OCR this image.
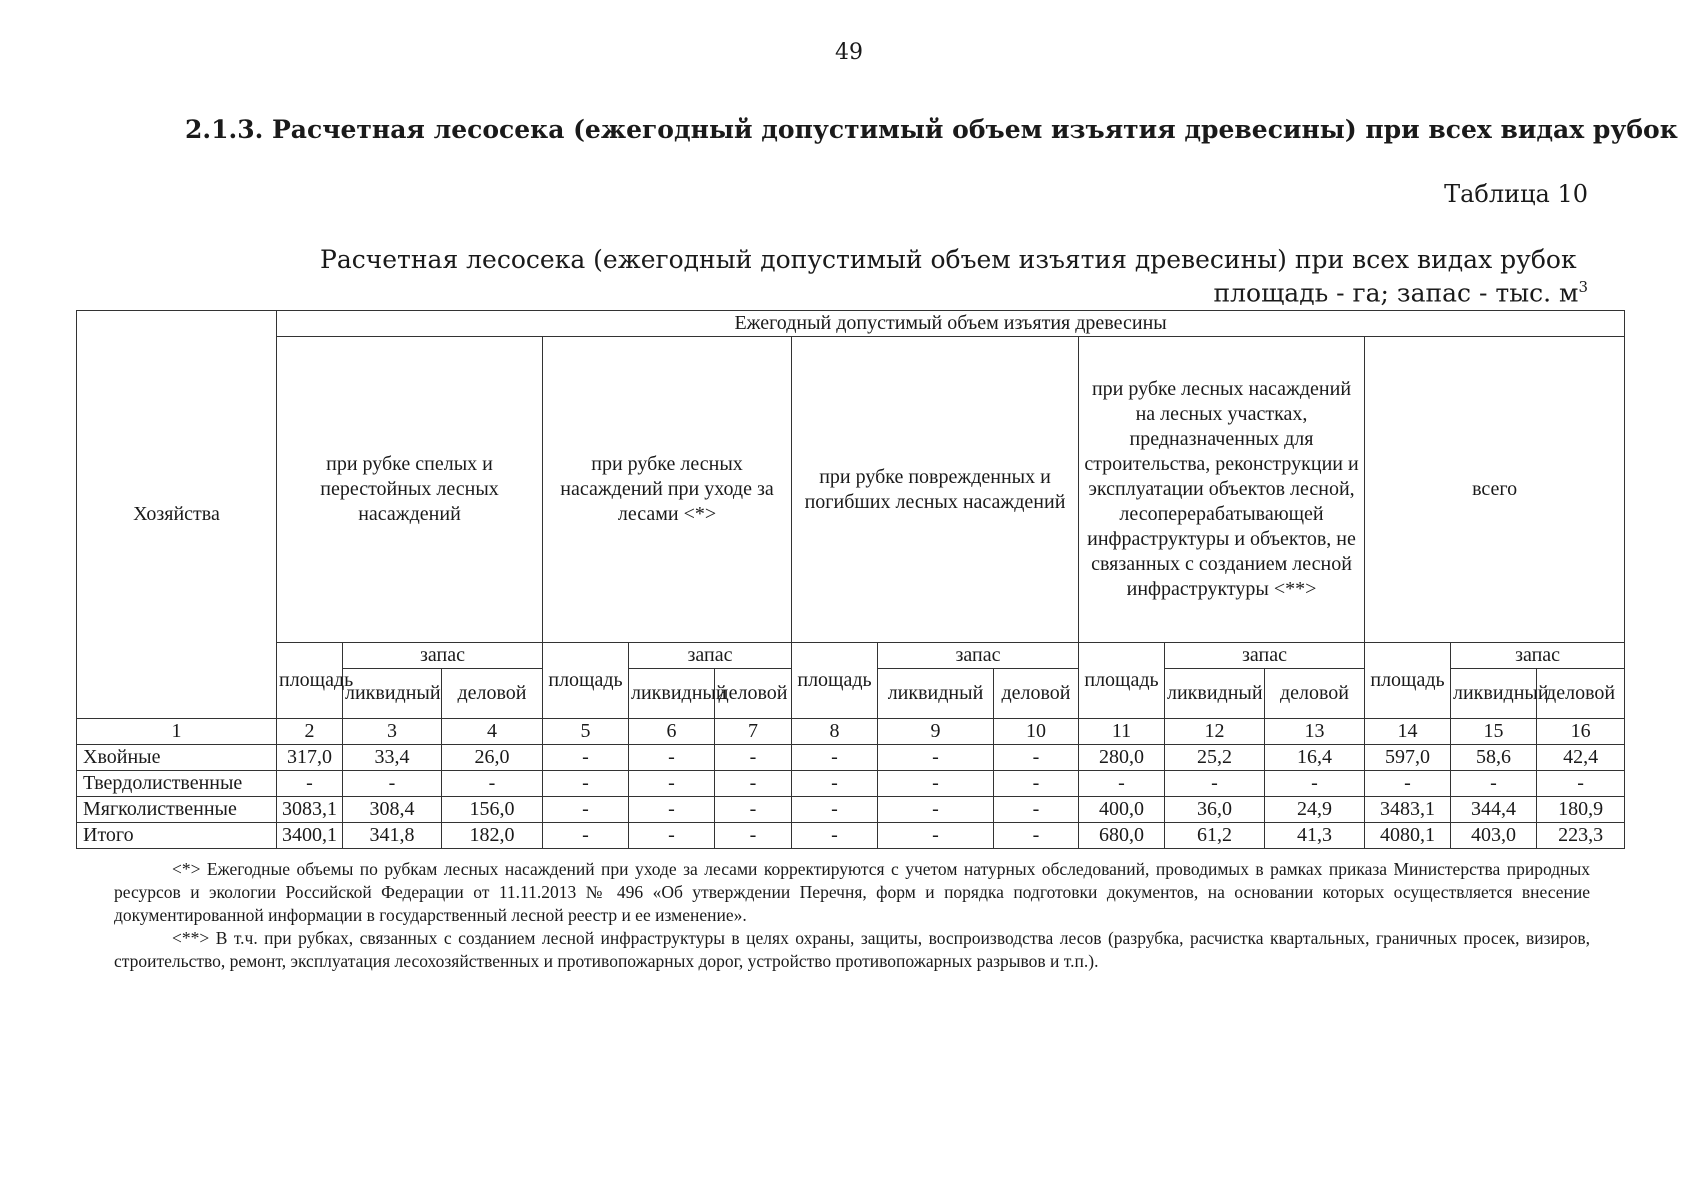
49
2.1.3. Расчетная лесосека (ежегодный допустимый объем изъятия древесины) при всех видах рубок
Таблица 10
Расчетная лесосека (ежегодный допустимый объем изъятия древесины) при всех видах рубок
площадь - га; запас - тыс. $м^3$
Хозяйства	Ежегодный допустимый объем изъятия древесины														
	при рубке спелых и перестойных лесных насаждений			при рубке лесных насаждений при уходе за лесами <*>			при рубке поврежденных и погибших лесных насаждений			при рубке лесных насаждений на лесных участках, предназначенных для строительства, реконструкции и эксплуатации объектов лесной, лесоперерабатывающей инфраструктуры и объектов, не связанных с созданием лесной инфраструктуры <**>			всего		
	площадь	запас		площадь	запас		площадь	запас		площадь	запас		площадь	запас	
		ликвидный	деловой		ликвидный	деловой		ликвидный	деловой		ликвидный	деловой		ликвидный	деловой

1	2	3	4	5	6	7	8	9	10	11	12	13	14	15	16
Хвойные	317,0	33,4	26,0	-	-	-	-	-	-	280,0	25,2	16,4	597,0	58,6	42,4
Твердолиственные	-	-	-	-	-	-	-	-	-	-	-	-	-	-	-
Мягколиственные	3083,1	308,4	156,0	-	-	-	-	-	-	400,0	36,0	24,9	3483,1	344,4	180,9
Итого	3400,1	341,8	182,0	-	-	-	-	-	-	680,0	61,2	41,3	4080,1	403,0	223,3

<*> Ежегодные объемы по рубкам лесных насаждений при уходе за лесами корректируются с учетом натурных обследований, проводимых в рамках приказа Министерства природных ресурсов и экологии Российской Федерации от 11.11.2013 № 496 «Об утверждении Перечня, форм и порядка подготовки документов, на основании которых осуществляется внесение документированной информации в государственный лесной реестр и ее изменение».

<**> В т.ч. при рубках, связанных с созданием лесной инфраструктуры в целях охраны, защиты, воспроизводства лесов (разрубка, расчистка квартальных, граничных просек, визиров, строительство, ремонт, эксплуатация лесохозяйственных и противопожарных дорог, устройство противопожарных разрывов и т.п.).
